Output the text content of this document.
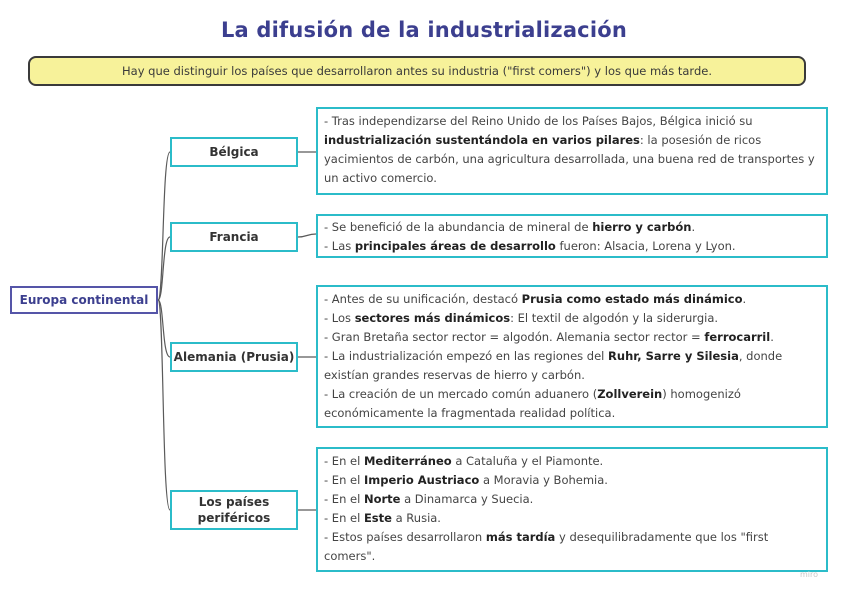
La difusión de la industrialización
Hay que distinguir los países que desarrollaron antes su industria ("first comers") y los que más tarde.
Europa continental
Bélgica
Francia
Alemania (Prusia)
Los países periféricos

- Tras independizarse del Reino Unido de los Países Bajos, Bélgica inició su industrialización sustentándola en varios pilares: la posesión de ricos yacimientos de carbón, una agricultura desarrollada, una buena red de transportes y un activo comercio.

- Se benefició de la abundancia de mineral de hierro y carbón.

- Las principales áreas de desarrollo fueron: Alsacia, Lorena y Lyon.

- Antes de su unificación, destacó Prusia como estado más dinámico.

- Los sectores más dinámicos: El textil de algodón y la siderurgia.

- Gran Bretaña sector rector = algodón. Alemania sector rector = ferrocarril.

- La industrialización empezó en las regiones del Ruhr, Sarre y Silesia, donde existían grandes reservas de hierro y carbón.

- La creación de un mercado común aduanero (Zollverein) homogenizó económicamente la fragmentada realidad política.

- En el Mediterráneo a Cataluña y el Piamonte.

- En el Imperio Austriaco a Moravia y Bohemia.

- En el Norte a Dinamarca y Suecia.

- En el Este a Rusia.

- Estos países desarrollaron más tardía y desequilibradamente que los "first comers".

miro
